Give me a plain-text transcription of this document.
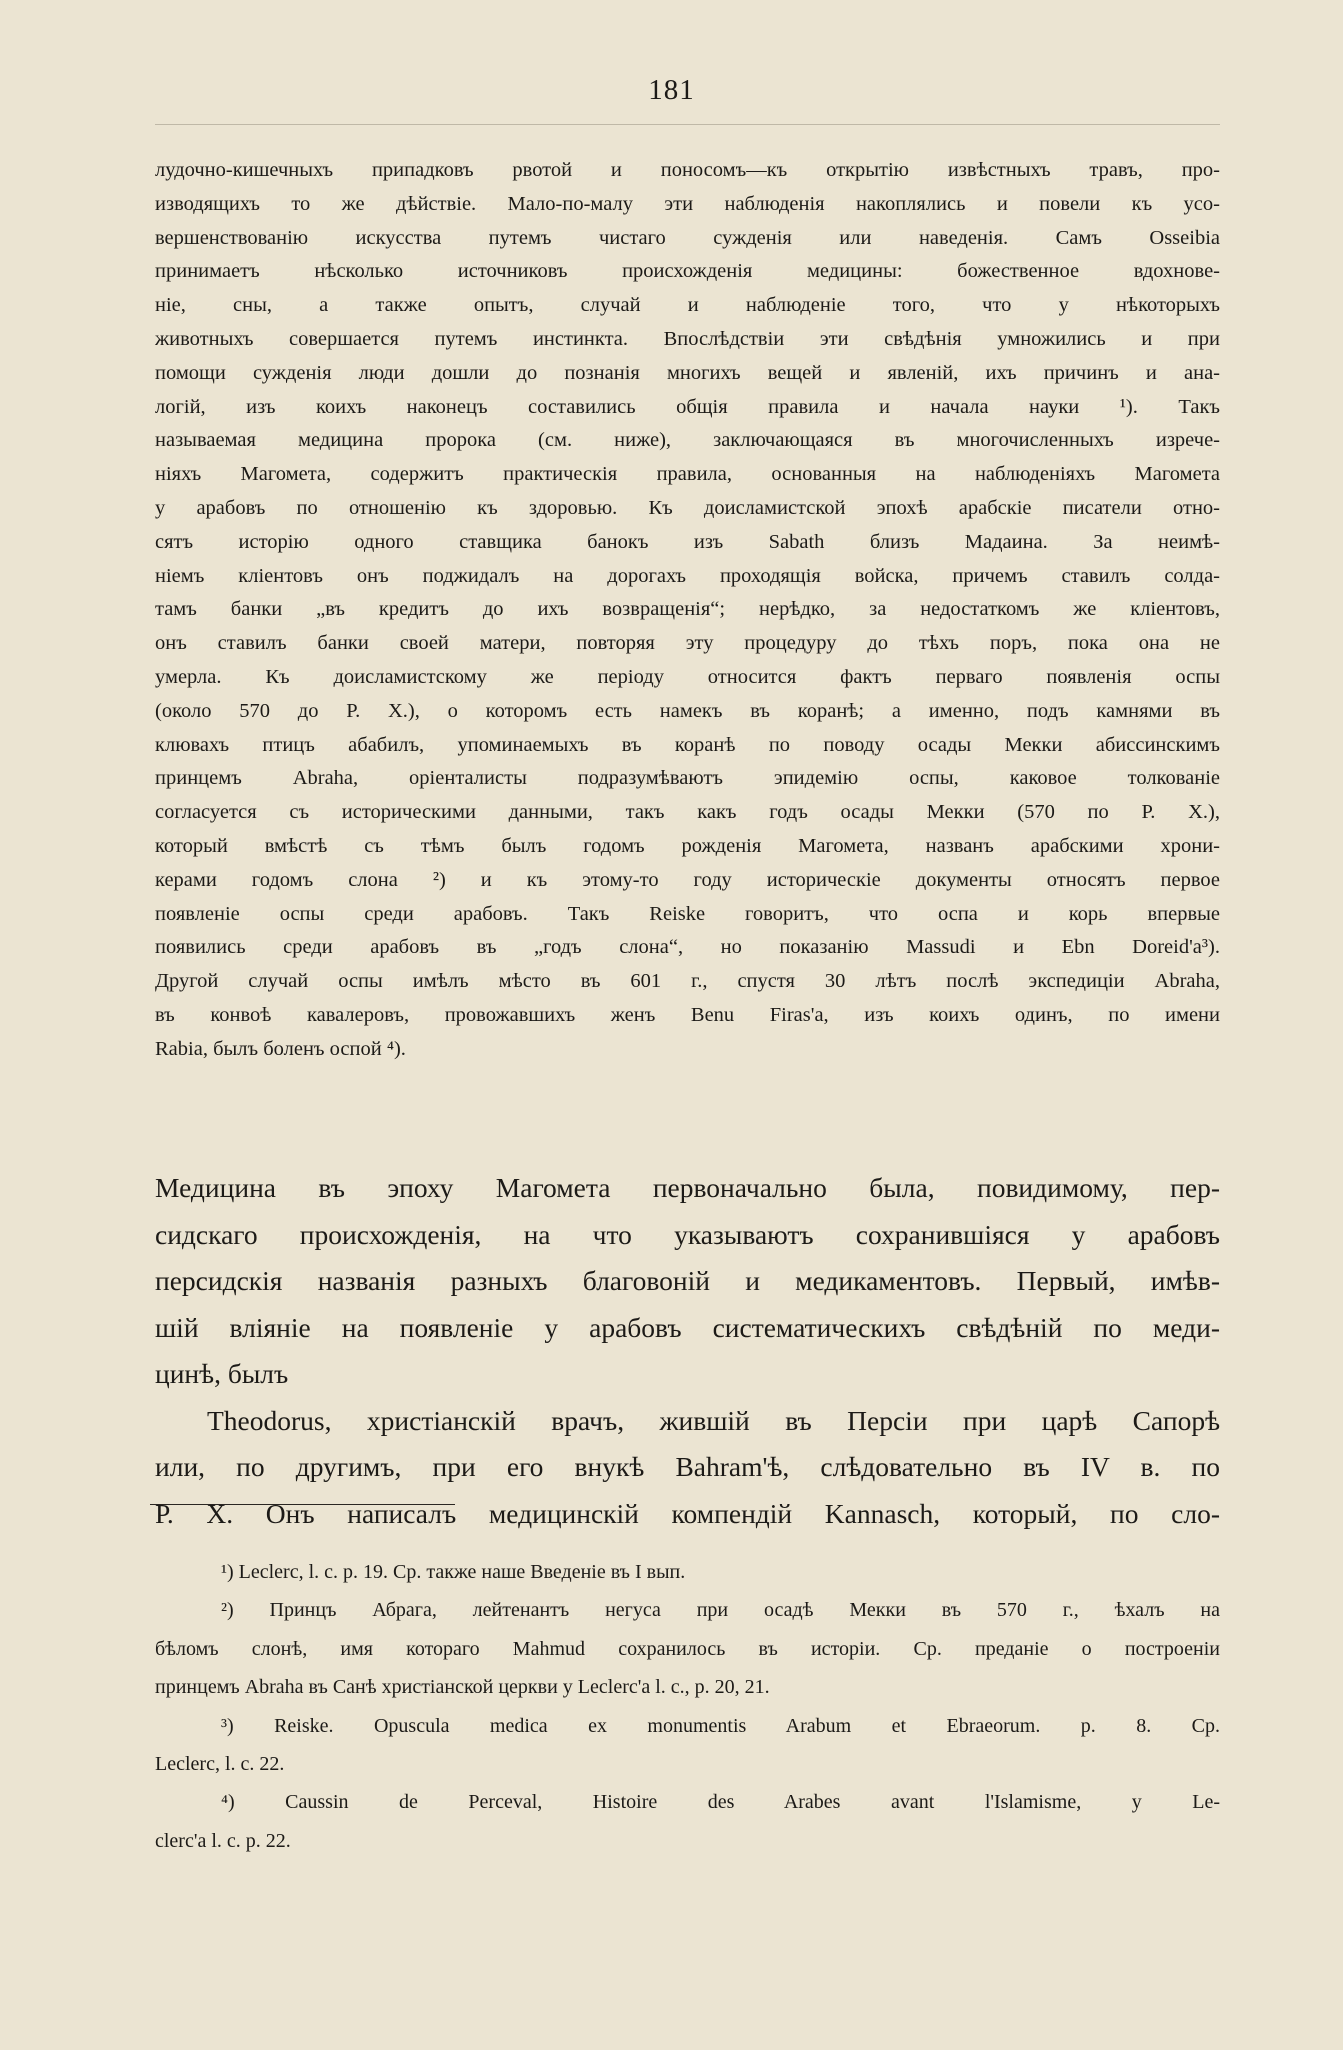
181
лудочно-кишечныхъ припадковъ рвотой и поносомъ—къ открытію извѣстныхъ травъ, про-
изводящихъ то же дѣйствіе. Мало-по-малу эти наблюденія накоплялись и повели къ усо-
вершенствованію искусства путемъ чистаго сужденія или наведенія. Самъ Osseibia
принимаетъ нѣсколько источниковъ происхожденія медицины: божественное вдохнове-
ніе, сны, а также опытъ, случай и наблюденіе того, что у нѣкоторыхъ
животныхъ совершается путемъ инстинкта. Впослѣдствіи эти свѣдѣнія умножились и при
помощи сужденія люди дошли до познанія многихъ вещей и явленій, ихъ причинъ и ана-
логій, изъ коихъ наконецъ составились общія правила и начала науки ¹). Такъ
называемая медицина пророка (см. ниже), заключающаяся въ многочисленныхъ изрече-
ніяхъ Магомета, содержитъ практическія правила, основанныя на наблюденіяхъ Магомета
у арабовъ по отношенію къ здоровью. Къ доисламистской эпохѣ арабскіе писатели отно-
сятъ исторію одного ставщика банокъ изъ Sabath близъ Мадаина. За неимѣ-
ніемъ кліентовъ онъ поджидалъ на дорогахъ проходящія войска, причемъ ставилъ солда-
тамъ банки „въ кредитъ до ихъ возвращенія“; нерѣдко, за недостаткомъ же кліентовъ,
онъ ставилъ банки своей матери, повторяя эту процедуру до тѣхъ поръ, пока она не
умерла. Къ доисламистскому же періоду относится фактъ перваго появленія оспы
(около 570 до Р. Х.), о которомъ есть намекъ въ коранѣ; а именно, подъ камнями въ
клювахъ птицъ абабилъ, упоминаемыхъ въ коранѣ по поводу осады Мекки абиссинскимъ
принцемъ Abraha, оріенталисты подразумѣваютъ эпидемію оспы, каковое толкованіе
согласуется съ историческими данными, такъ какъ годъ осады Мекки (570 по Р. Х.),
который вмѣстѣ съ тѣмъ былъ годомъ рожденія Магомета, названъ арабскими хрони-
керами годомъ слона ²) и къ этому-то году историческіе документы относятъ первое
появленіе оспы среди арабовъ. Такъ Reiske говоритъ, что оспа и корь впервые
появились среди арабовъ въ „годъ слона“, но показанію Massudi и Ebn Doreid'a³).
Другой случай оспы имѣлъ мѣсто въ 601 г., спустя 30 лѣтъ послѣ экспедиціи Abraha,
въ конвоѣ кавалеровъ, провожавшихъ женъ Benu Firas'a, изъ коихъ одинъ, по имени
Rabia, былъ боленъ оспой ⁴).
Медицина въ эпоху Магомета первоначально была, повидимому, пер-
сидскаго происхожденія, на что указываютъ сохранившіяся у арабовъ
персидскія названія разныхъ благовоній и медикаментовъ. Первый, имѣв-
шій вліяніе на появленіе у арабовъ систематическихъ свѣдѣній по меди-
цинѣ, былъ
Theodorus, христіанскій врачъ, жившій въ Персіи при царѣ Сапорѣ
или, по другимъ, при его внукѣ Bahram'ѣ, слѣдовательно въ IV в. по
Р. Х. Онъ написалъ медицинскій компендій Kannasch, который, по сло-
¹) Leclerc, l. c. p. 19. Ср. также наше Введеніе въ I вып.
²) Принцъ Абрага, лейтенантъ негуса при осадѣ Мекки въ 570 г., ѣхалъ на
бѣломъ слонѣ, имя котораго Mahmud сохранилось въ исторіи. Ср. преданіе о построеніи
принцемъ Abraha въ Санѣ христіанской церкви у Leclerc'a l. c., p. 20, 21.
³) Reiske. Opuscula medica ex monumentis Arabum et Ebraeorum. p. 8. Ср.
Leclerc, l. c. 22.
⁴) Caussin de Perceval, Histoire des Arabes avant l'Islamisme, у Le-
clerc'a l. c. p. 22.
